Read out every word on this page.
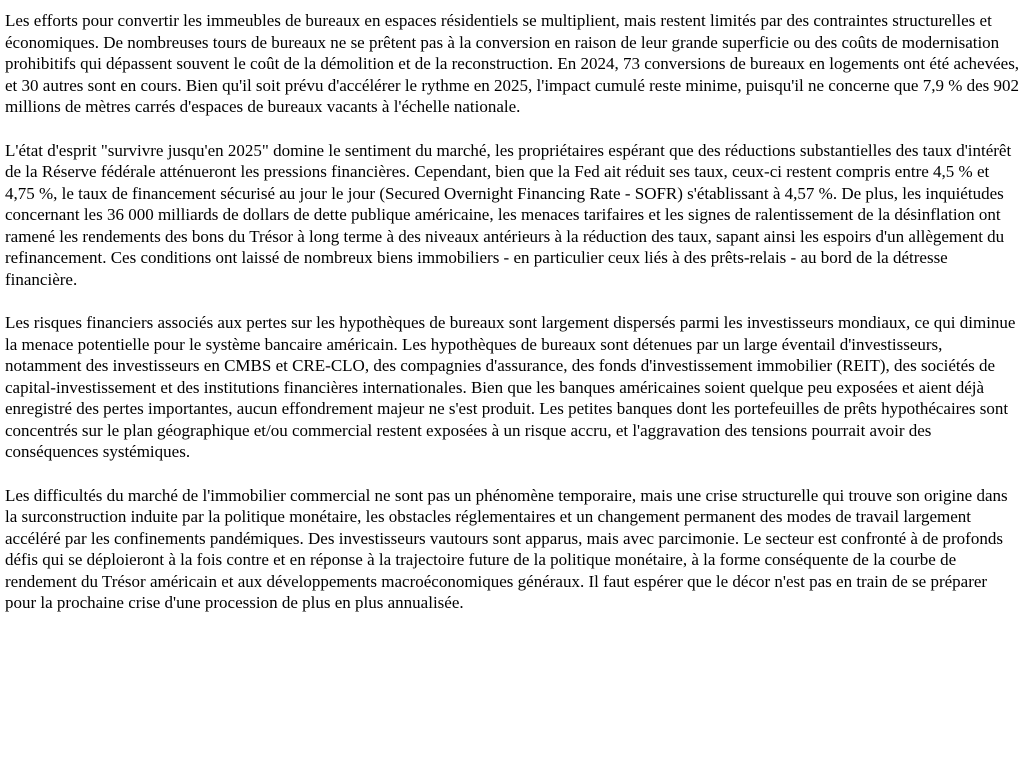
Les efforts pour convertir les immeubles de bureaux en espaces résidentiels se multiplient, mais restent limités par des contraintes structurelles et économiques. De nombreuses tours de bureaux ne se prêtent pas à la conversion en raison de leur grande superficie ou des coûts de modernisation prohibitifs qui dépassent souvent le coût de la démolition et de la reconstruction. En 2024, 73 conversions de bureaux en logements ont été achevées, et 30 autres sont en cours. Bien qu'il soit prévu d'accélérer le rythme en 2025, l'impact cumulé reste minime, puisqu'il ne concerne que 7,9 % des 902 millions de mètres carrés d'espaces de bureaux vacants à l'échelle nationale.

L'état d'esprit "survivre jusqu'en 2025" domine le sentiment du marché, les propriétaires espérant que des réductions substantielles des taux d'intérêt de la Réserve fédérale atténueront les pressions financières. Cependant, bien que la Fed ait réduit ses taux, ceux-ci restent compris entre 4,5 % et 4,75 %, le taux de financement sécurisé au jour le jour (Secured Overnight Financing Rate - SOFR) s'établissant à 4,57 %. De plus, les inquiétudes concernant les 36 000 milliards de dollars de dette publique américaine, les menaces tarifaires et les signes de ralentissement de la désinflation ont ramené les rendements des bons du Trésor à long terme à des niveaux antérieurs à la réduction des taux, sapant ainsi les espoirs d'un allègement du refinancement. Ces conditions ont laissé de nombreux biens immobiliers - en particulier ceux liés à des prêts-relais - au bord de la détresse financière.

Les risques financiers associés aux pertes sur les hypothèques de bureaux sont largement dispersés parmi les investisseurs mondiaux, ce qui diminue la menace potentielle pour le système bancaire américain. Les hypothèques de bureaux sont détenues par un large éventail d'investisseurs, notamment des investisseurs en CMBS et CRE-CLO, des compagnies d'assurance, des fonds d'investissement immobilier (REIT), des sociétés de capital-investissement et des institutions financières internationales. Bien que les banques américaines soient quelque peu exposées et aient déjà enregistré des pertes importantes, aucun effondrement majeur ne s'est produit. Les petites banques dont les portefeuilles de prêts hypothécaires sont concentrés sur le plan géographique et/ou commercial restent exposées à un risque accru, et l'aggravation des tensions pourrait avoir des conséquences systémiques.

Les difficultés du marché de l'immobilier commercial ne sont pas un phénomène temporaire, mais une crise structurelle qui trouve son origine dans la surconstruction induite par la politique monétaire, les obstacles réglementaires et un changement permanent des modes de travail largement accéléré par les confinements pandémiques. Des investisseurs vautours sont apparus, mais avec parcimonie. Le secteur est confronté à de profonds défis qui se déploieront à la fois contre et en réponse à la trajectoire future de la politique monétaire, à la forme conséquente de la courbe de rendement du Trésor américain et aux développements macroéconomiques généraux. Il faut espérer que le décor n'est pas en train de se préparer pour la prochaine crise d'une procession de plus en plus annualisée.
